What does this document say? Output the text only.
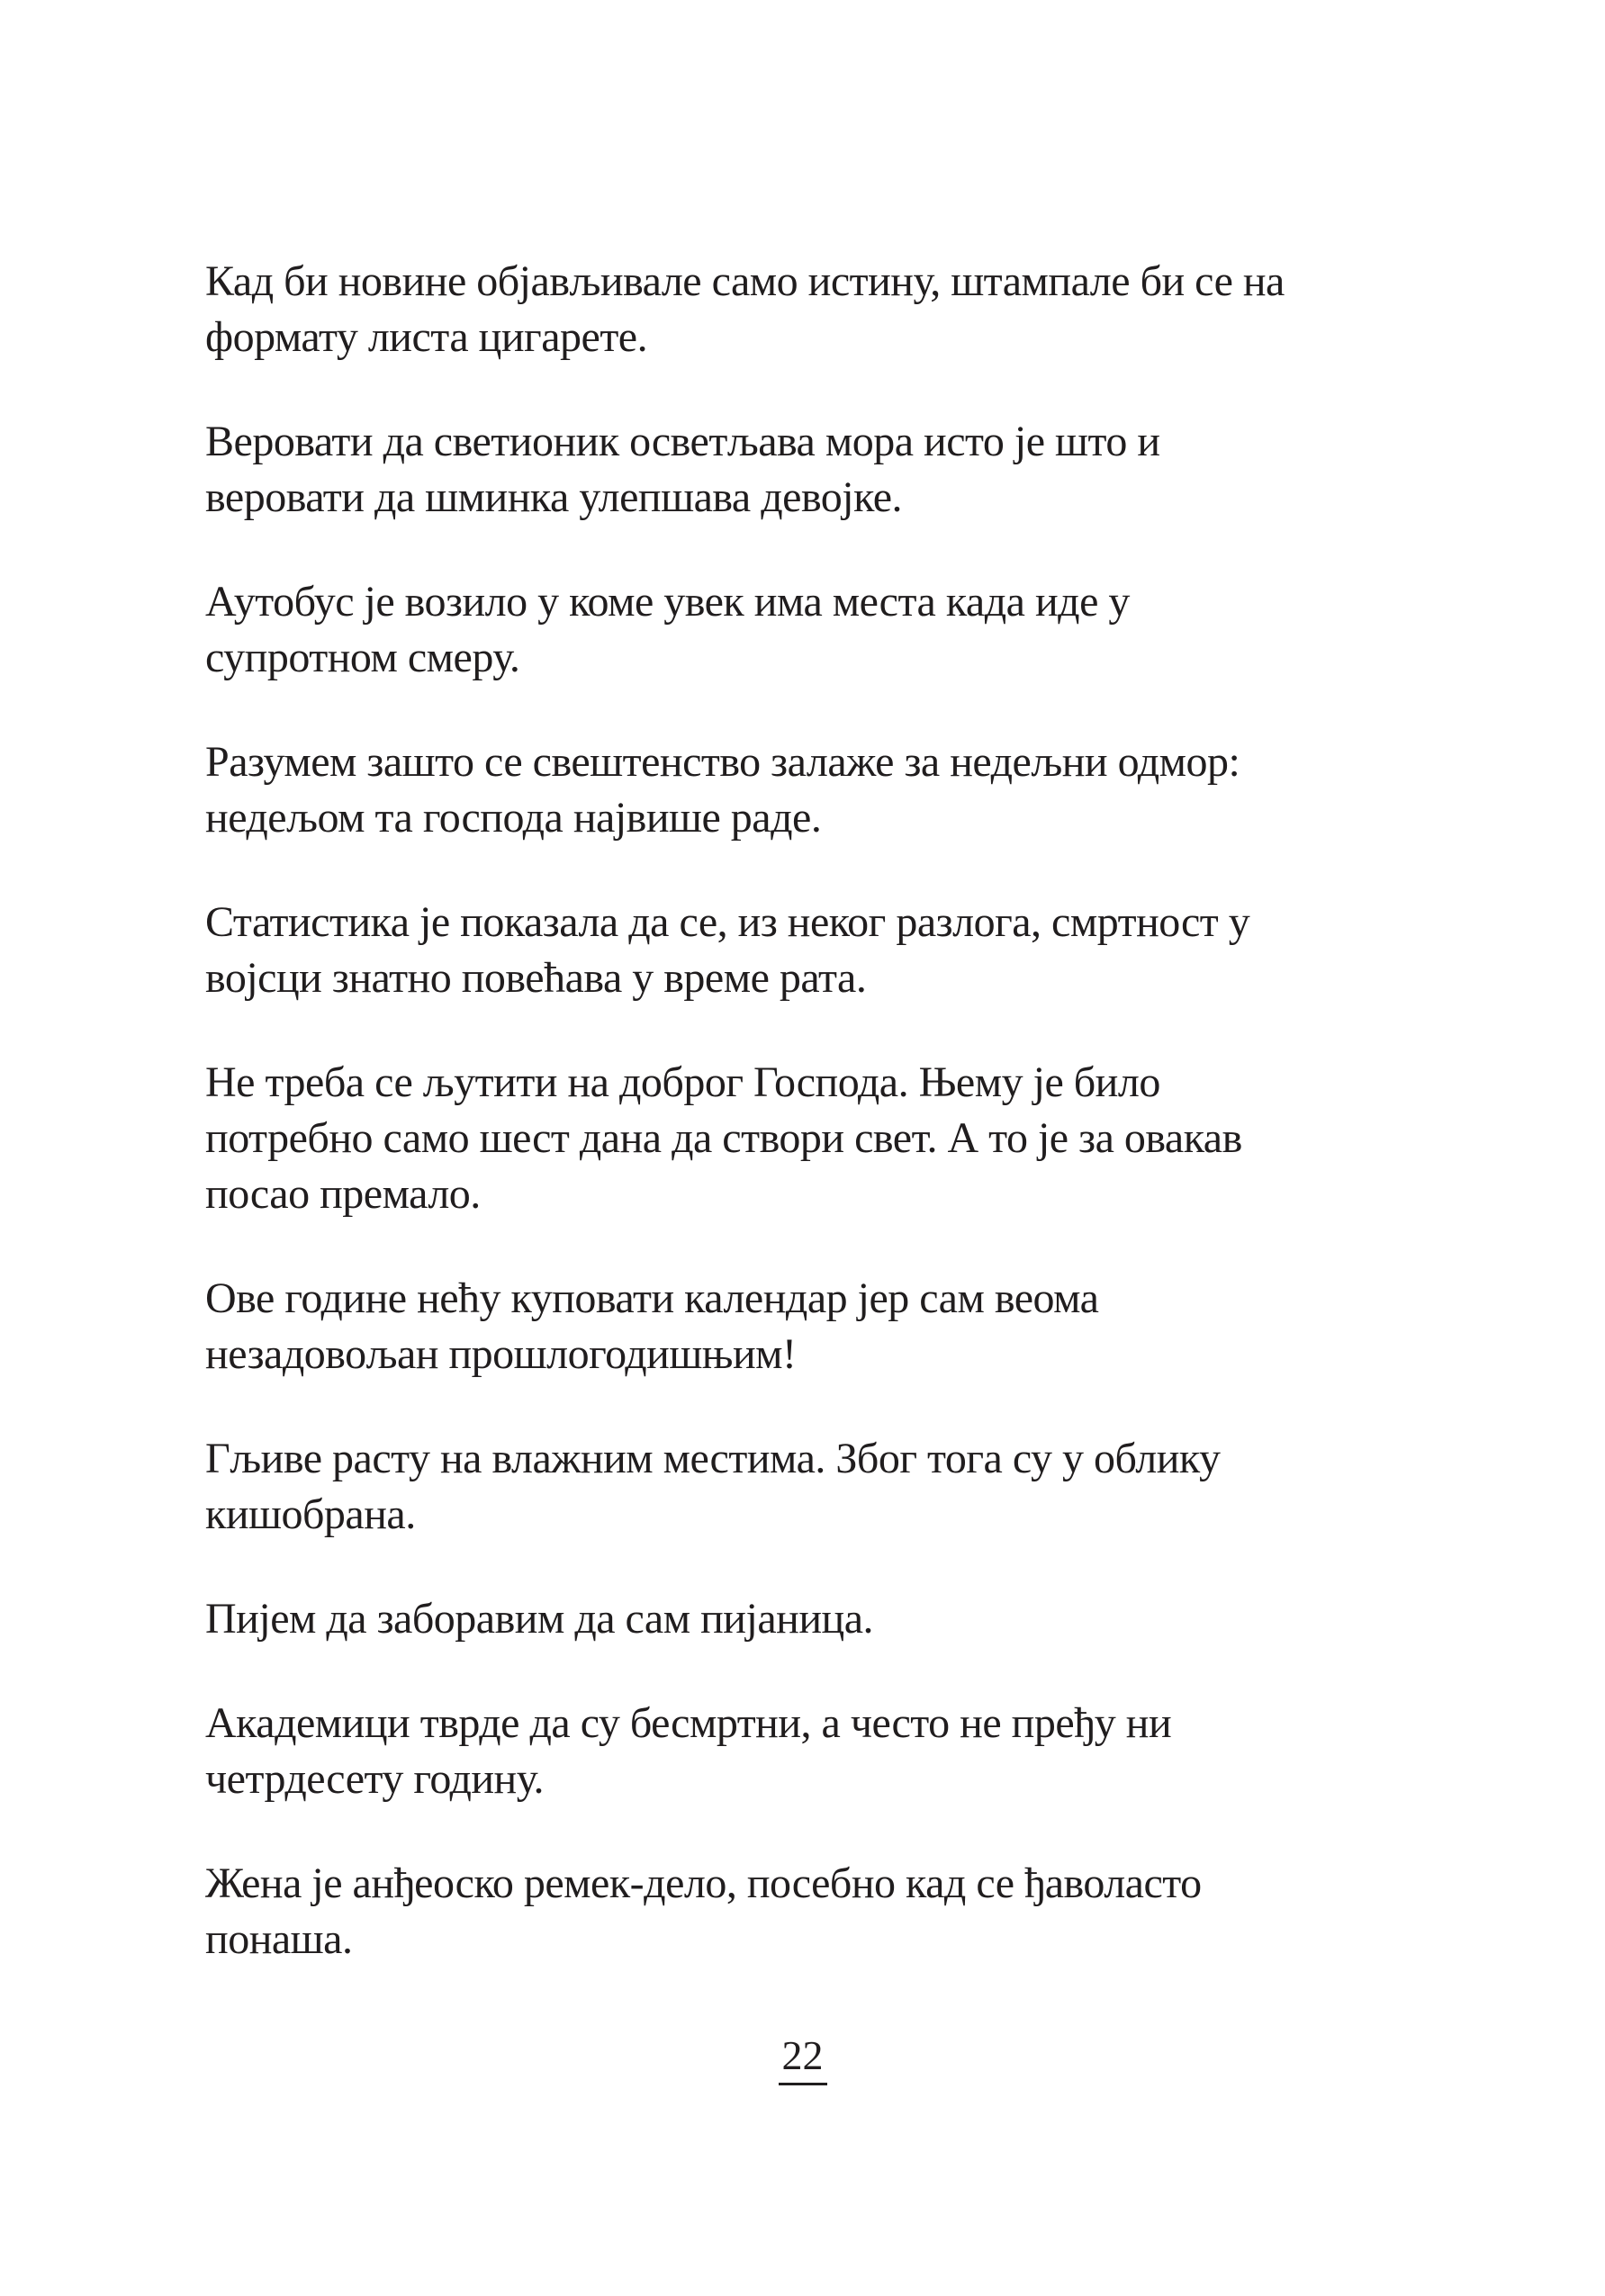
Кад би новине објављивале само истину, штампале би се на
формату листа цигарете.

Веровати да светионик осветљава мора исто је што и
веровати да шминка улепшава девојке.

Аутобус је возило у коме увек има места када иде у
супротном смеру.

Разумем зашто се свештенство залаже за недељни одмор:
недељом та господа највише раде.

Статистика је показала да се, из неког разлога, смртност у
војсци знатно повећава у време рата.

Не треба се љутити на доброг Господа. Њему је било
потребно само шест дана да створи свет. А то је за овакав
посао премало.

Ове године нећу куповати календар јер сам веома
незадовољан прошлогодишњим!

Гљиве расту на влажним местима. Због тога су у облику
кишобрана.

Пијем да заборавим да сам пијаница.

Академици тврде да су бесмртни, а често не пређу ни
четрдесету годину.

Жена је анђеоско ремек-дело, посебно кад се ђаволасто
понаша.

22
